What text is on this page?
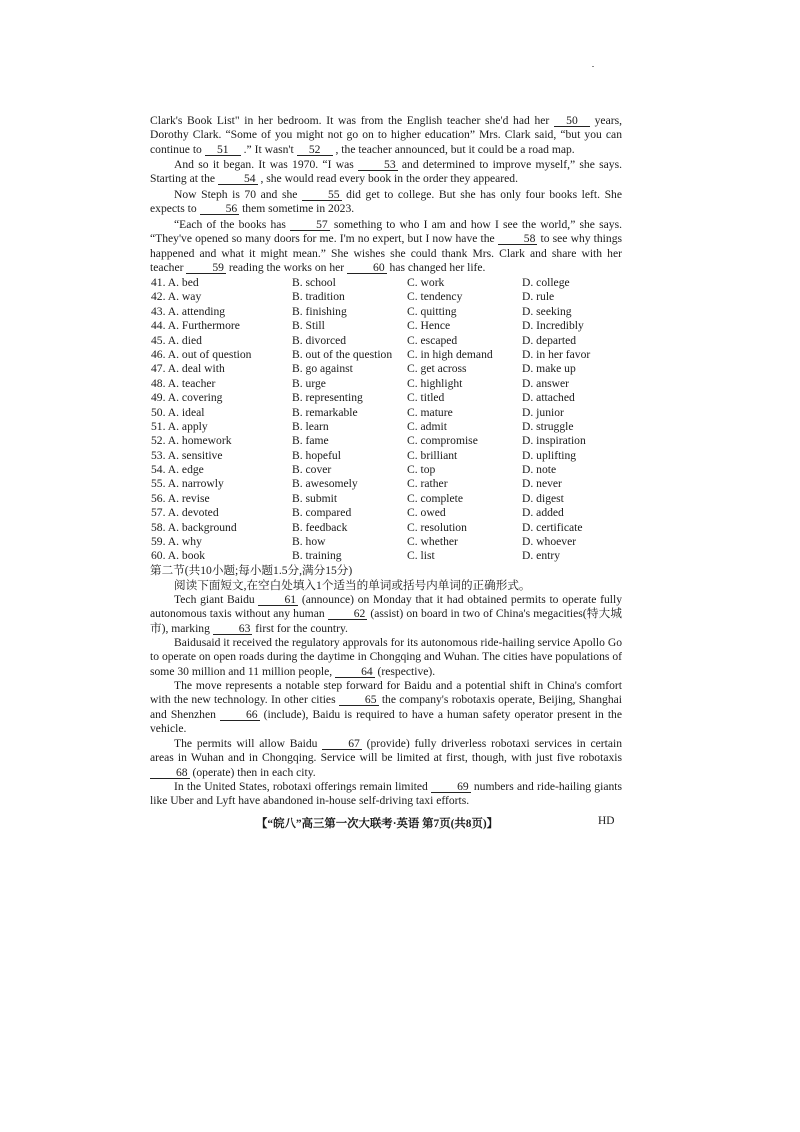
Clark's Book List" in her bedroom. It was from the English teacher she'd had her 50 years, Dorothy Clark. “Some of you might not go on to higher education” Mrs. Clark said, “but you can continue to 51 .” It wasn't 52 , the teacher announced, but it could be a road map.

And so it began. It was 1970. “I was 53 and determined to improve myself,” she says. Starting at the 54 , she would read every book in the order they appeared.

Now Steph is 70 and she 55 did get to college. But she has only four books left. She expects to 56 them sometime in 2023.

“Each of the books has 57 something to who I am and how I see the world,” she says. “They've opened so many doors for me. I'm no expert, but I now have the 58 to see why things happened and what it might mean.” She wishes she could thank Mrs. Clark and share with her teacher 59 reading the works on her 60 has changed her life.

41. A. bed	B. school	C. work	D. college
42. A. way	B. tradition	C. tendency	D. rule
43. A. attending	B. finishing	C. quitting	D. seeking
44. A. Furthermore	B. Still	C. Hence	D. Incredibly
45. A. died	B. divorced	C. escaped	D. departed
46. A. out of question	B. out of the question C. in high demand	D. in her favor
47. A. deal with	B. go against	C. get across	D. make up
48. A. teacher	B. urge	C. highlight	D. answer
49. A. covering	B. representing	C. titled	D. attached
50. A. ideal	B. remarkable	C. mature	D. junior
51. A. apply	B. learn	C. admit	D. struggle
52. A. homework	B. fame	C. compromise	D. inspiration
53. A. sensitive	B. hopeful	C. brilliant	D. uplifting
54. A. edge	B. cover	C. top	D. note
55. A. narrowly	B. awesomely	C. rather	D. never
56. A. revise	B. submit	C. complete	D. digest
57. A. devoted	B. compared	C. owed	D. added
58. A. background	B. feedback	C. resolution	D. certificate
59. A. why	B. how	C. whether	D. whoever
60. A. book	B. training	C. list	D. entry

第二节(共10小题;每小题1.5分,满分15分)

阅读下面短文,在空白处填入1个适当的单词或括号内单词的正确形式。

Tech giant Baidu 61 (announce) on Monday that it had obtained permits to operate fully autonomous taxis without any human 62 (assist) on board in two of China's megacities(特大城市), marking 63 first for the country.

Baidusaid it received the regulatory approvals for its autonomous ride-hailing service Apollo Go to operate on open roads during the daytime in Chongqing and Wuhan. The cities have populations of some 30 million and 11 million people, 64 (respective).

The move represents a notable step forward for Baidu and a potential shift in China's comfort with the new technology. In other cities 65 the company's robotaxis operate, Beijing, Shanghai and Shenzhen 66 (include), Baidu is required to have a human safety operator present in the vehicle.

The permits will allow Baidu 67 (provide) fully driverless robotaxi services in certain areas in Wuhan and in Chongqing. Service will be limited at first, though, with just five robotaxis 68 (operate) then in each city.

In the United States, robotaxi offerings remain limited 69 numbers and ride-hailing giants like Uber and Lyft have abandoned in-house self-driving taxi efforts.

【“皖八”高三第一次大联考·英语 第7页(共8页)】	HD
